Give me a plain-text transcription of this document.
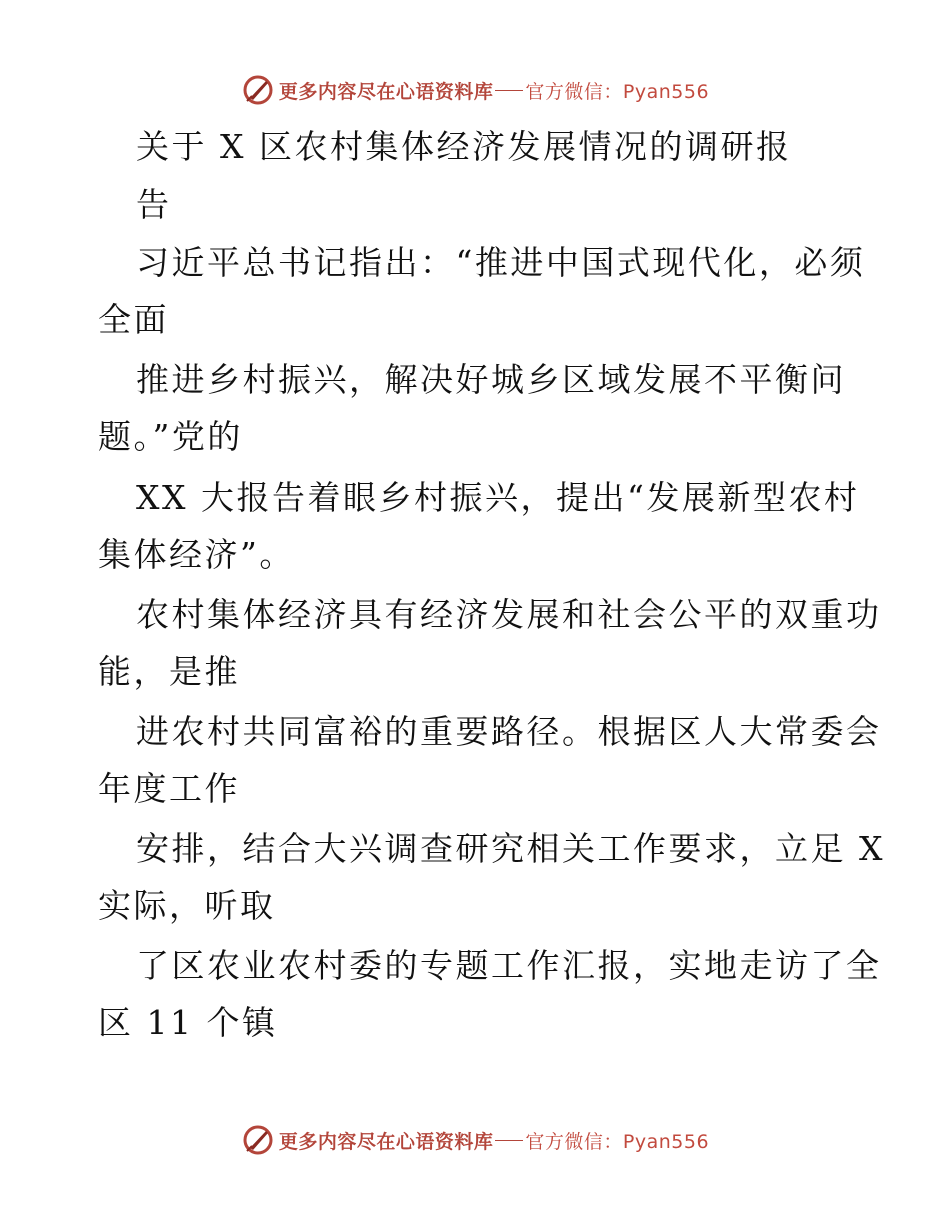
更多内容尽在心语资料库 官方微信：Pyan556
关于 X 区农村集体经济发展情况的调研报
告
习近平总书记指出：“推进中国式现代化，必须
全面
推进乡村振兴，解决好城乡区域发展不平衡问
题。”党的
XX 大报告着眼乡村振兴，提出“发展新型农村
集体经济”。
农村集体经济具有经济发展和社会公平的双重功
能，是推
进农村共同富裕的重要路径。根据区人大常委会
年度工作
安排，结合大兴调查研究相关工作要求，立足 X
实际，听取
了区农业农村委的专题工作汇报，实地走访了全
区 11 个镇
更多内容尽在心语资料库 官方微信：Pyan556
